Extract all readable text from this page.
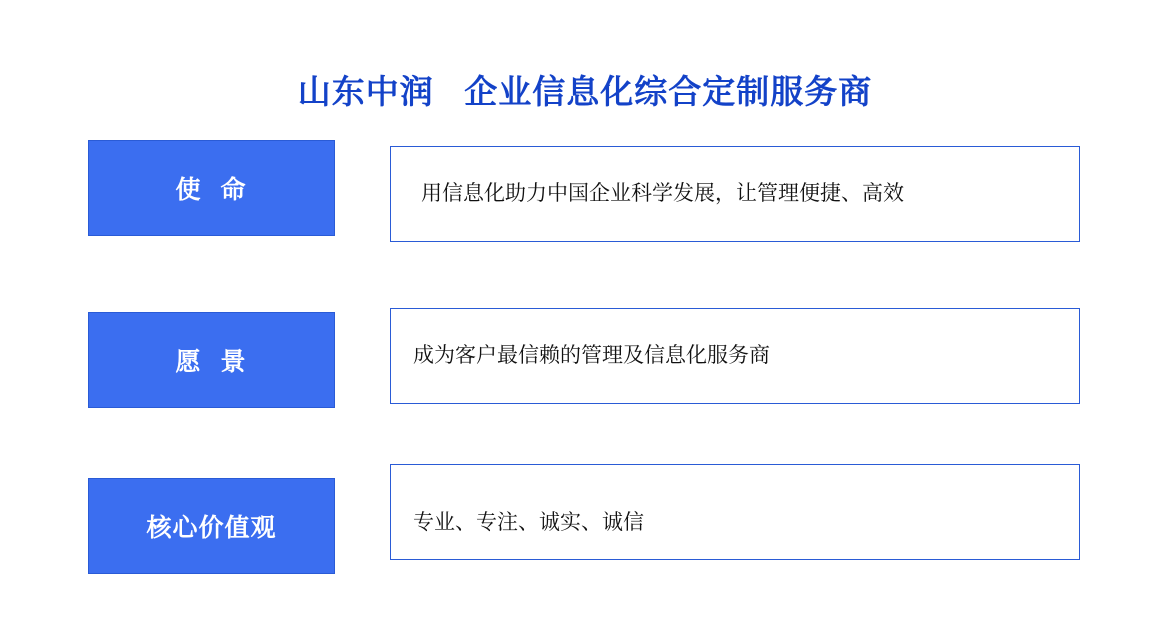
山东中润   企业信息化综合定制服务商
使  命	用信息化助力中国企业科学发展，让管理便捷、高效
愿  景	成为客户最信赖的管理及信息化服务商
核心价值观	专业、专注、诚实、诚信
